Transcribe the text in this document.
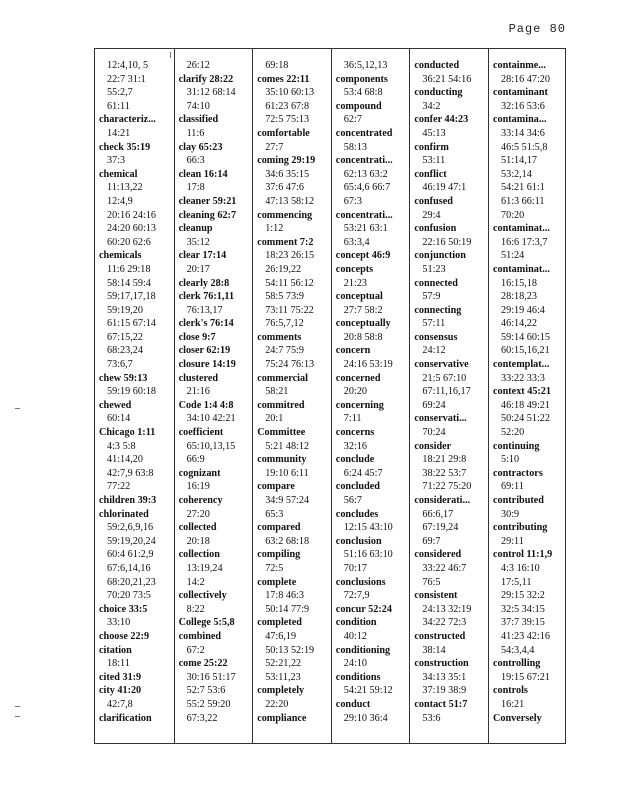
Page 80
12:4,10, 5
22:7 31:1
55:2,7
61:11
characteriz...
14:21
check 35:19
37:3
chemical
11:13,22
12:4,9
20:16 24:16
24:20 60:13
60:20 62:6
chemicals
11:6 29:18
58:14 59:4
59:17,17,18
59:19,20
61:15 67:14
67:15,22
68:23,24
73:6,7
chew 59:13
59:19 60:18
chewed
60:14
Chicago 1:11
4:3 5:8
41:14,20
42:7,9 63:8
77:22
children 39:3
chlorinated
59:2,6,9,16
59:19,20,24
60:4 61:2,9
67:6,14,16
68:20,21,23
70:20 73:5
choice 33:5
33:10
choose 22:9
citation
18:11
cited 31:9
city 41:20
42:7,8
clarification
26:12
clarify 28:22
31:12 68:14
74:10
classified
11:6
clay 65:23
66:3
clean 16:14
17:8
cleaner 59:21
cleaning 62:7
cleanup
35:12
clear 17:14
20:17
clearly 28:8
clerk 76:1,11
76:13,17
clerk's 76:14
close 9:7
closer 62:19
closure 14:19
clustered
21:16
Code 1:4 4:8
34:10 42:21
coefficient
65:10,13,15
66:9
cognizant
16:19
coherency
27:20
collected
20:18
collection
13:19,24
14:2
collectively
8:22
College 5:5,8
combined
67:2
come 25:22
30:16 51:17
52:7 53:6
55:2 59:20
67:3,22
69:18
comes 22:11
35:10 60:13
61:23 67:8
72:5 75:13
comfortable
27:7
coming 29:19
34:6 35:15
37:6 47:6
47:13 58:12
commencing
1:12
comment 7:2
18:23 26:15
26:19,22
54:11 56:12
58:5 73:9
73:11 75:22
76:5,7,12
comments
24:7 75:9
75:24 76:13
commercial
58:21
commitred
20:1
Committee
5:21 48:12
community
19:10 6:11
compare
34:9 57:24
65:3
compared
63:2 68:18
compiling
72:5
complete
17:8 46:3
50:14 77:9
completed
47:6,19
50:13 52:19
52:21,22
53:11,23
completely
22:20
compliance
36:5,12,13
components
53:4 68:8
compound
62:7
concentrated
58:13
concentrati...
62:13 63:2
65:4,6 66:7
67:3
concentrati...
53:21 63:1
63:3,4
concept 46:9
concepts
21:23
conceptual
27:7 58:2
conceptually
20:8 58:8
concern
24:16 53:19
concerned
20:20
concerning
7:11
concerns
32:16
conclude
6:24 45:7
concluded
56:7
concludes
12:15 43:10
conclusion
51:16 63:10
70:17
conclusions
72:7,9
concur 52:24
condition
40:12
conditioning
24:10
conditions
54:21 59:12
conduct
29:10 36:4
conducted
36:21 54:16
conducting
34:2
confer 44:23
45:13
confirm
53:11
conflict
46:19 47:1
confused
29:4
confusion
22:16 50:19
conjunction
51:23
connected
57:9
connecting
57:11
consensus
24:12
conservative
21:5 67:10
67:11,16,17
69:24
conservati...
70:24
consider
18:21 29:8
38:22 53:7
71:22 75:20
considerati...
66:6,17
67:19,24
69:7
considered
33:22 46:7
76:5
consistent
24:13 32:19
34:22 72:3
constructed
38:14
construction
34:13 35:1
37:19 38:9
contact 51:7
53:6
containme...
28:16 47:20
contaminant
32:16 53:6
contamina...
33:14 34:6
46:5 51:5,8
51:14,17
53:2,14
54:21 61:1
61:3 66:11
70:20
contaminat...
16:6 17:3,7
51:24
contaminat...
16:15,18
28:18,23
29:19 46:4
46:14,22
59:14 60:15
60:15,16,21
contemplat...
33:22 33:3
context 45:21
46:18 49:21
50:24 51:22
52:20
continuing
5:10
contractors
69:11
contributed
30:9
contributing
29:11
control 11:1,9
4:3 16:10
17:5,11
29:15 32:2
32:5 34:15
37:7 39:15
41:23 42:16
54:3,4,4
controlling
19:15 67:21
controls
16:21
Conversely
